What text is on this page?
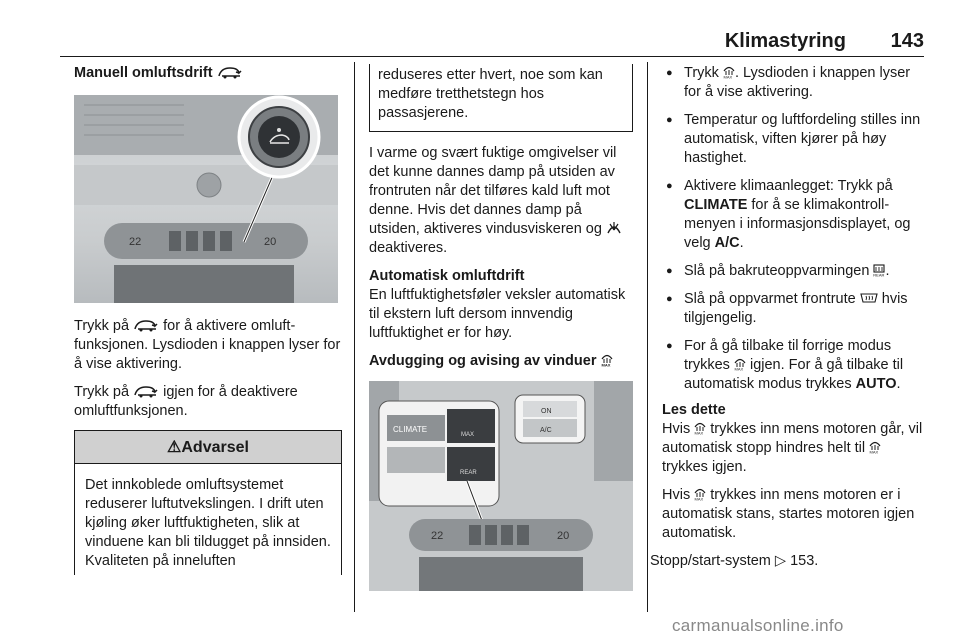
Klimastyring 143
Manuell omluftsdrift
22	20

Trykk på for å aktivere omluftfunksjonen. Lysdioden i knappen lyser for å vise aktivering.

Trykk på igjen for å deaktivere omluftfunksjonen.

⚠Advarsel
Det innkoblede omluftsystemet reduserer luftutvekslingen. I drift uten kjøling øker luftfuktigheten, slik at vinduene kan bli tildugget på innsiden. Kvaliteten på inneluften
reduseres etter hvert, noe som kan medføre tretthetstegn hos passasjerene.

I varme og svært fuktige omgivelser vil det kunne dannes damp på utsiden av frontruten når det tilføres kald luft mot denne. Hvis det dannes damp på utsiden, aktiveres vindusviskeren og  deaktiveres.

Automatisk omluftdrift

En luftfuktighetsføler veksler automatisk til ekstern luft dersom innvendig luftfuktighet er for høy.

Avdugging og avising av vinduer MAX
CLIMATE
MAX
REAR
ON
A/C
22	20
● Trykk MAX . Lysdioden i knappen lyser for å vise aktivering.
● Temperatur og luftfordeling stilles inn automatisk, viften kjører på høy hastighet.
● Aktivere klimaanlegget: Trykk på CLIMATE for å se klimakontrollmenyen i informasjonsdisplayet, og velg A/C.
● Slå på bakruteoppvarmingen REAR .
● Slå på oppvarmet frontrute hvis tilgjengelig.
● For å gå tilbake til forrige modus trykkes MAX igjen. For å gå tilbake til automatisk modus trykkes AUTO.
Les dette

Hvis MAX trykkes inn mens motoren går, vil automatisk stopp hindres helt til MAX
trykkes igjen.

Hvis MAX trykkes inn mens motoren er i automatisk stans, startes motoren igjen automatisk.

Stopp/start-system ▷ 153.

carmanualsonline.info
